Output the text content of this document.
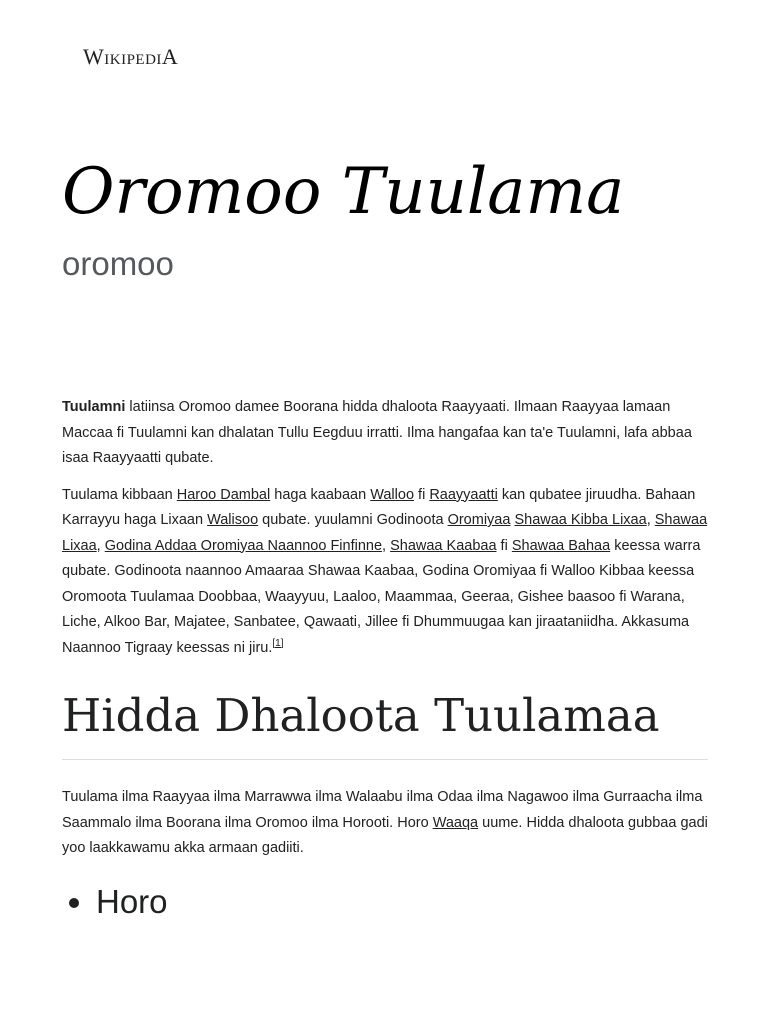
WikipediA
Oromoo Tuulama
oromoo

Tuulamni latiinsa Oromoo damee Boorana hidda dhaloota Raayyaati. Ilmaan Raayyaa lamaan Maccaa fi Tuulamni kan dhalatan Tullu Eegduu irratti. Ilma hangafaa kan ta'e Tuulamni, lafa abbaa isaa Raayyaatti qubate.

Tuulama kibbaan Haroo Dambal haga kaabaan Walloo fi Raayyaatti kan qubatee jiruudha. Bahaan Karrayyu haga Lixaan Walisoo qubate. yuulamni Godinoota Oromiyaa Shawaa Kibba Lixaa, Shawaa Lixaa, Godina Addaa Oromiyaa Naannoo Finfinne, Shawaa Kaabaa fi Shawaa Bahaa keessa warra qubate. Godinoota naannoo Amaaraa Shawaa Kaabaa, Godina Oromiyaa fi Walloo Kibbaa keessa Oromoota Tuulamaa Doobbaa, Waayyuu, Laaloo, Maammaa, Geeraa, Gishee baasoo fi Warana, Liche, Alkoo Bar, Majatee, Sanbatee, Qawaati, Jillee fi Dhummuugaa kan jiraataniidha. Akkasuma Naannoo Tigraay keessas ni jiru.[1]

Hidda Dhaloota Tuulamaa

Tuulama ilma Raayyaa ilma Marrawwa ilma Walaabu ilma Odaa ilma Nagawoo ilma Gurraacha ilma Saammalo ilma Boorana ilma Oromoo ilma Horooti. Horo Waaqa uume. Hidda dhaloota gubbaa gadi yoo laakkawamu akka armaan gadiiti.

• Horo
